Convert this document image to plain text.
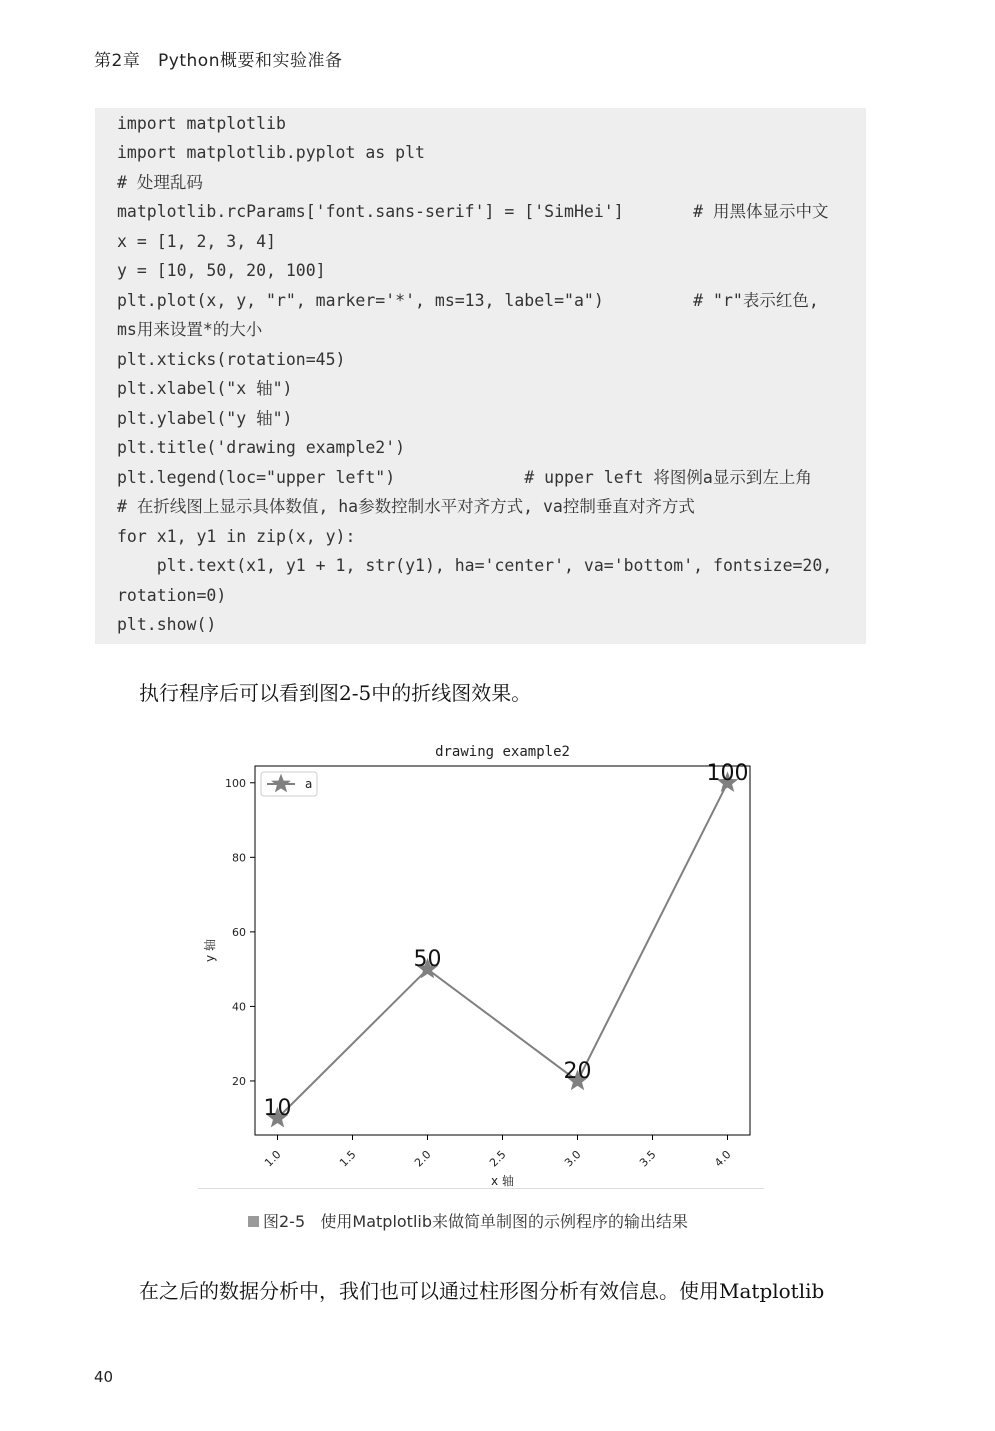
第2章 Python概要和实验准备
import matplotlib
import matplotlib.pyplot as plt
# 处理乱码
matplotlib.rcParams['font.sans-serif'] = ['SimHei']       # 用黑体显示中文
x = [1, 2, 3, 4]
y = [10, 50, 20, 100]
plt.plot(x, y, "r", marker='*', ms=13, label="a")         # "r"表示红色,
ms用来设置*的大小
plt.xticks(rotation=45)
plt.xlabel("x 轴")
plt.ylabel("y 轴")
plt.title('drawing example2')
plt.legend(loc="upper left")             # upper left 将图例a显示到左上角
# 在折线图上显示具体数值, ha参数控制水平对齐方式, va控制垂直对齐方式
for x1, y1 in zip(x, y):
plt.text(x1, y1 + 1, str(y1), ha='center', va='bottom', fontsize=20,
rotation=0)
plt.show()
执行程序后可以看到图2-5中的折线图效果。
drawing example2
20
40
60
80
100
1.0	1.5	2.0	2.5	3.0	3.5	4.0
x 轴
y 轴
10
50
20
100
a
图2-5 使用Matplotlib来做简单制图的示例程序的输出结果
在之后的数据分析中，我们也可以通过柱形图分析有效信息。使用Matplotlib
40
